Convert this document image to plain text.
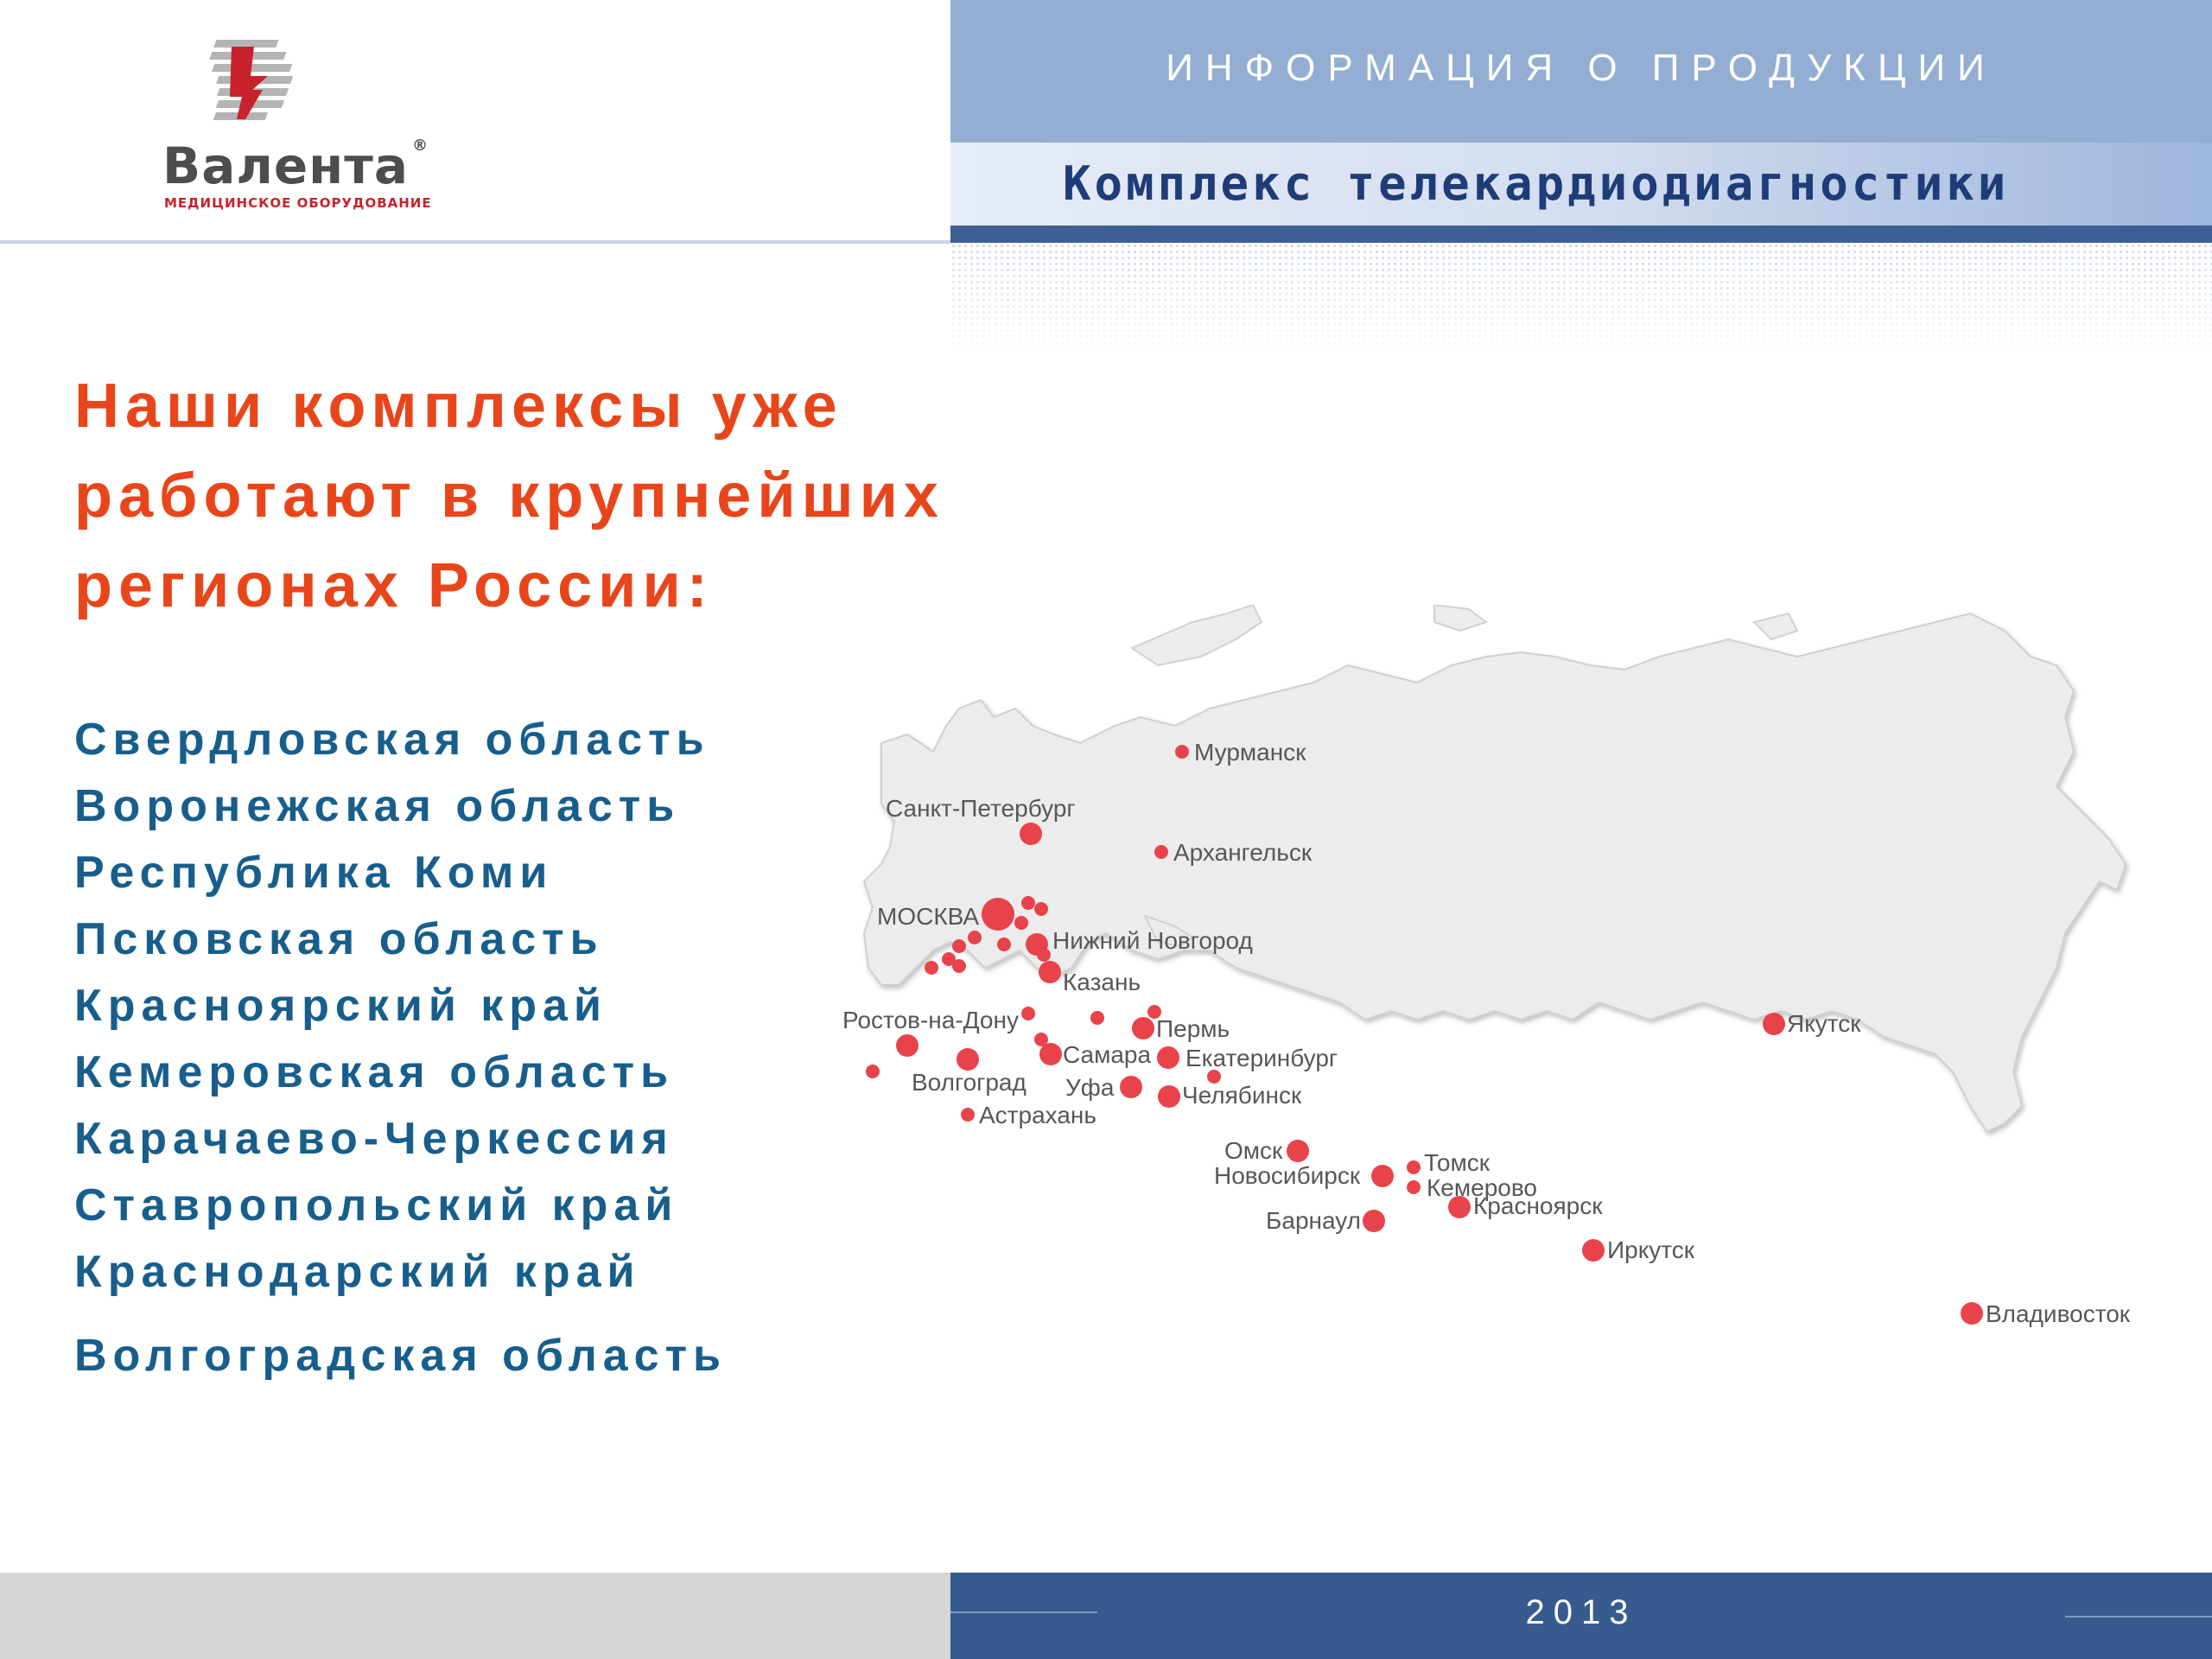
Валента ®
МЕДИЦИНСКОЕ ОБОРУДОВАНИЕ
ИНФОРМАЦИЯ О ПРОДУКЦИИ
Комплекс телекардиодиагностики
Наши комплексы уже
работают в крупнейших
регионах России:
Свердловская область
Воронежская область
Республика Коми
Псковская область
Красноярский край
Кемеровская область
Карачаево-Черкессия
Ставропольский край
Краснодарский край
Волгоградская область
Мурманск
Санкт-Петербург
Архангельск
МОСКВА
Нижний Новгород
Казань
Ростов-на-Дону	Пермь
Самара Екатеринбург
Волгоград Уфа	Челябинск
Астрахань
Омск
Новосибирск	Томск
Кемерово
Красноярск
Барнаул
Иркутск
Якутск
Владивосток
2013
